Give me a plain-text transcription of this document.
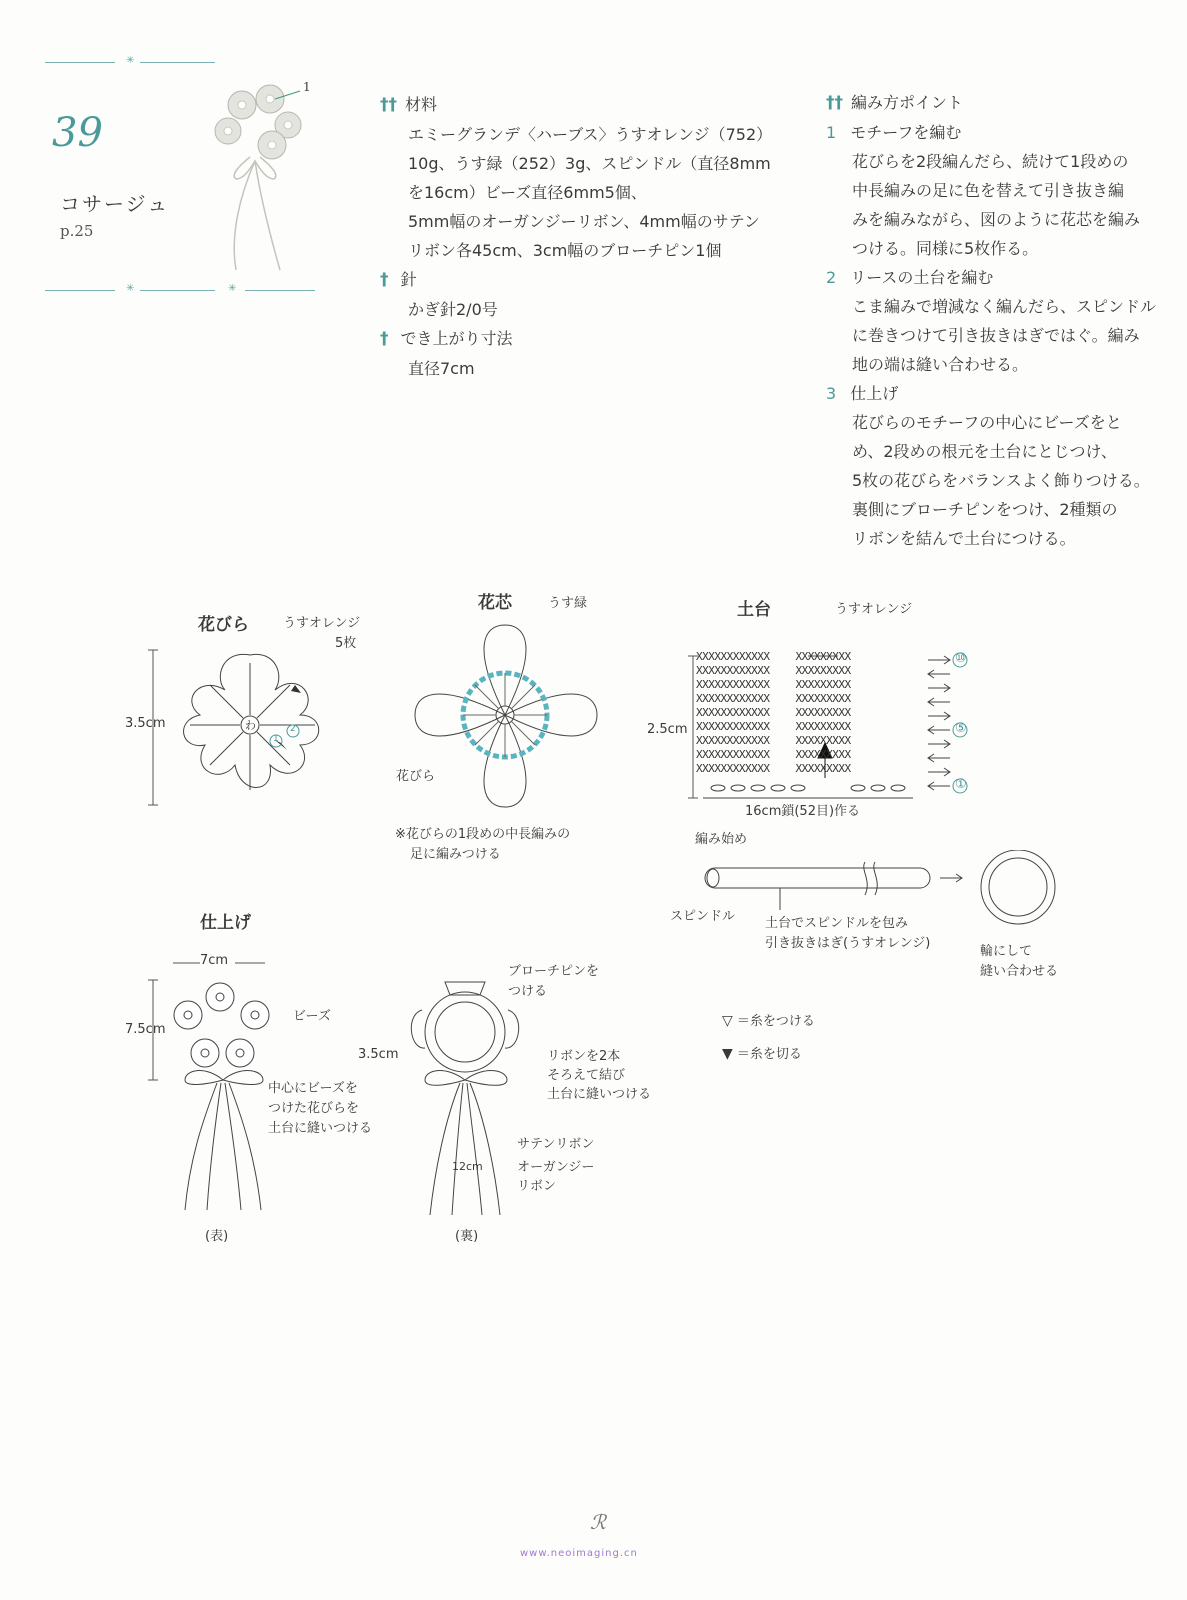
✳
✳	✳
39
コサージュ
p.25
1
†† 材料
エミーグランデ〈ハーブス〉うすオレンジ（752）
10g、うす緑（252）3g、スピンドル（直径8mm
を16cm）ビーズ直径6mm5個、
5mm幅のオーガンジーリボン、4mm幅のサテン
リボン各45cm、3cm幅のブローチピン1個
† 針
かぎ針2/0号
† でき上がり寸法
直径7cm
†† 編み方ポイント
1 モチーフを編む
花びらを2段編んだら、続けて1段めの
中長編みの足に色を替えて引き抜き編
みを編みながら、図のように花芯を編み
つける。同様に5枚作る。
2 リースの土台を編む
こま編みで増減なく編んだら、スピンドル
に巻きつけて引き抜きはぎではぐ。編み
地の端は縫い合わせる。
3 仕上げ
花びらのモチーフの中心にビーズをと
め、2段めの根元を土台にとじつけ、
5枚の花びらをバランスよく飾りつける。
裏側にブローチピンをつけ、2種類の
リボンを結んで土台につける。
花びら	うすオレンジ
5枚
3.5cm	わ
1
2
花芯	うす緑
花びら
※花びらの1段めの中長編みの
足に編みつける
土台	うすオレンジ
2.5cm
XXXXXXXXXXXX XXXXXXXXX
XXXXXXXXXXXX XXXXXXXXX
XXXXXXXXXXXX XXXXXXXXX
XXXXXXXXXXXX XXXXXXXXX
XXXXXXXXXXXX XXXXXXXXX
XXXXXXXXXXXX XXXXXXXXX
XXXXXXXXXXXX XXXXXXXXX
XXXXXXXXXXXX XXXXXXXXX
XXXXXXXXXXXX XXXXXXXXX
⑩
⑤
①
16cm鎖(52目)作る
編み始め
スピンドル 土台でスピンドルを包み
引き抜きはぎ(うすオレンジ)
輪にして
縫い合わせる
仕上げ
7cm
7.5cm
ビーズ
中心にビーズを
つけた花びらを
土台に縫いつける
(表)
ブローチピンを
つける
3.5cm	リボンを2本
そろえて結び
土台に縫いつける
サテンリボン
オーガンジー
リボン
12cm
(裏)
▽ ＝糸をつける
▼ ＝糸を切る
ℛ
www.neoimaging.cn
